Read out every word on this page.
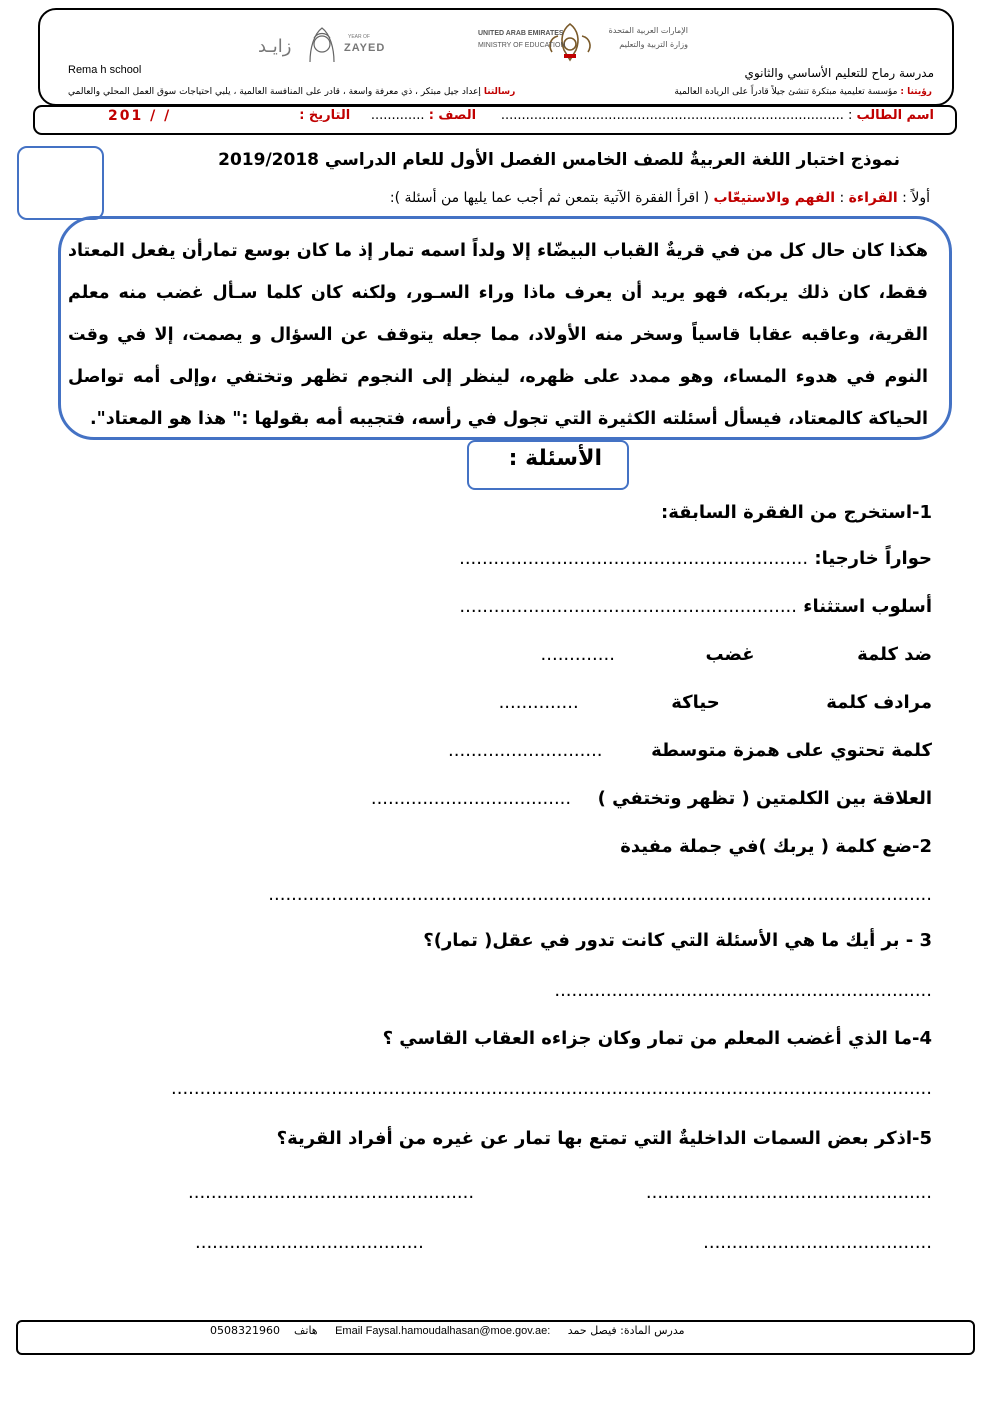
UNITED ARAB EMIRATES
MINISTRY OF EDUCATION
الإمارات العربية المتحدة
وزارة التربية والتعليم
زايـد	YEAR OF
ZAYED
مدرسة رماح للتعليم الأساسي والثانوي
Rema h school
رؤيتنا : مؤسسة تعليمية مبتكرة تنشئ جيلاً قادراً على الريادة العالمية
رسالتنا إعداد جيل مبتكر ، ذي معرفة واسعة ، قادر على المنافسة العالمية ، يلبي احتياجات سوق العمل المحلي والعالمي
اسم الطالب : ...................................................................................      الصف : .............     التاريخ :
201 / /
نموذج اختبار اللغة العربيةٌ للصف الخامس الفصل الأول للعام الدراسي 2019/2018
أولاً : القراءة : الفهم والاستيعّاب ( اقرأ الفقرة الآتية بتمعن ثم أجب عما يليها من أسئلة ):
هكذا كان حال كل من في قريةٌ القباب البيضّاء إلا ولداً اسمه تمار إذ ما كان بوسع تمارأن يفعل المعتاد فقط، كان ذلك يربكه، فهو يريد أن يعرف ماذا وراء السـور، ولكنه كان كلما سـأل غضب منه معلم القرية، وعاقبه عقابا قاسياً وسخر منه الأولاد، مما جعله يتوقف عن السؤال و يصمت، إلا في وقت النوم في هدوء المساء، وهو ممدد على ظهره، لينظر إلى النجوم تظهر وتختفي ،وإلى أمه تواصل الحياكة كالمعتاد، فيسأل أسئلته الكثيرة التي تجول في رأسه، فتجيبه أمه بقولها :" هذا هو المعتاد".
الأسئلة :
1-استخرج من الفقرة السابقة:
حواراً خارجيا: .............................................................
أسلوب استثناء ...........................................................
ضد كلمة  غضب  .............
مرادف كلمة  حياكة  ..............
كلمة تحتوي على همزة متوسطة  ...........................
العلاقة بين الكلمتين ( تظهر وتختفي )  ...................................
2-ضع كلمة ( يربك )في جملة مفيدة
....................................................................................................................
3 - بر أيك ما هي الأسئلة التي كانت تدور في عقل( تمار)؟
..................................................................
4-ما الذي أغضب المعلم من تمار وكان جزاءه العقاب القاسي ؟
.....................................................................................................................................
5-اذكر بعض السمات الداخليةٌ التي تمتع بها تمار عن غيره من أفراد القرية؟
..................................................
..................................................
........................................
........................................
0508321960 هاتف Email Faysal.hamoudalhasan@moe.gov.ae: مدرس المادة: فيصل حمد
